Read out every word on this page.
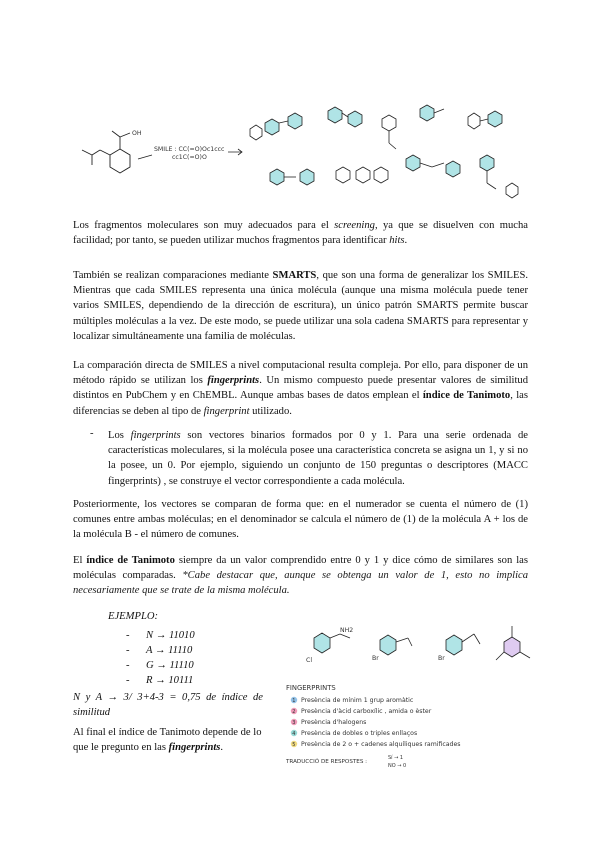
OH
SMILE : CC(=O)Oc1ccc
cc1C(=O)O

Los fragmentos moleculares son muy adecuados para el screening, ya que se disuelven con mucha facilidad; por tanto, se pueden utilizar muchos fragmentos para identificar hits.

También se realizan comparaciones mediante SMARTS, que son una forma de generalizar los SMILES. Mientras que cada SMILES representa una única molécula (aunque una misma molécula puede tener varios SMILES, dependiendo de la dirección de escritura), un único patrón SMARTS permite buscar múltiples moléculas a la vez. De este modo, se puede utilizar una sola cadena SMARTS para representar y localizar simultáneamente una familia de moléculas.

La comparación directa de SMILES a nivel computacional resulta compleja. Por ello, para disponer de un método rápido se utilizan los fingerprints. Un mismo compuesto puede presentar valores de similitud distintos en PubChem y en ChEMBL. Aunque ambas bases de datos emplean el índice de Tanimoto, las diferencias se deben al tipo de fingerprint utilizado.

- Los fingerprints son vectores binarios formados por 0 y 1. Para una serie ordenada de características moleculares, si la molécula posee una característica concreta se asigna un 1, y si no la posee, un 0. Por ejemplo, siguiendo un conjunto de 150 preguntas o descriptores (MACC fingerprints) , se construye el vector correspondiente a cada molécula.

Posteriormente, los vectores se comparan de forma que: en el numerador se cuenta el número de (1) comunes entre ambas moléculas; en el denominador se calcula el número de (1) de la molécula A + los de la molécula B - el número de comunes.

El índice de Tanimoto siempre da un valor comprendido entre 0 y 1 y dice cómo de similares son las moléculas comparadas. *Cabe destacar que, aunque se obtenga un valor de 1, esto no implica necesariamente que se trate de la misma molécula.

EJEMPLO:
- N → 11010
- A → 11110
- G → 11110
- R → 10111

N y A → 3/ 3+4-3 = 0,75 de índice de similitud

Al final el índice de Tanimoto depende de lo que le pregunto en las fingerprints.

Cl
NH2
Br	Br
FINGERPRINTS
1 Presència de mínim 1 grup aromàtic
2 Presència d'àcid carboxílic , amida o èster
3 Presència d'halogens
4 Presència de dobles o triples enllaços
5 Presència de 2 o + cadenes alquíliques ramificades
TRADUCCIÓ DE RESPOSTES :
Sí → 1
NO → 0
